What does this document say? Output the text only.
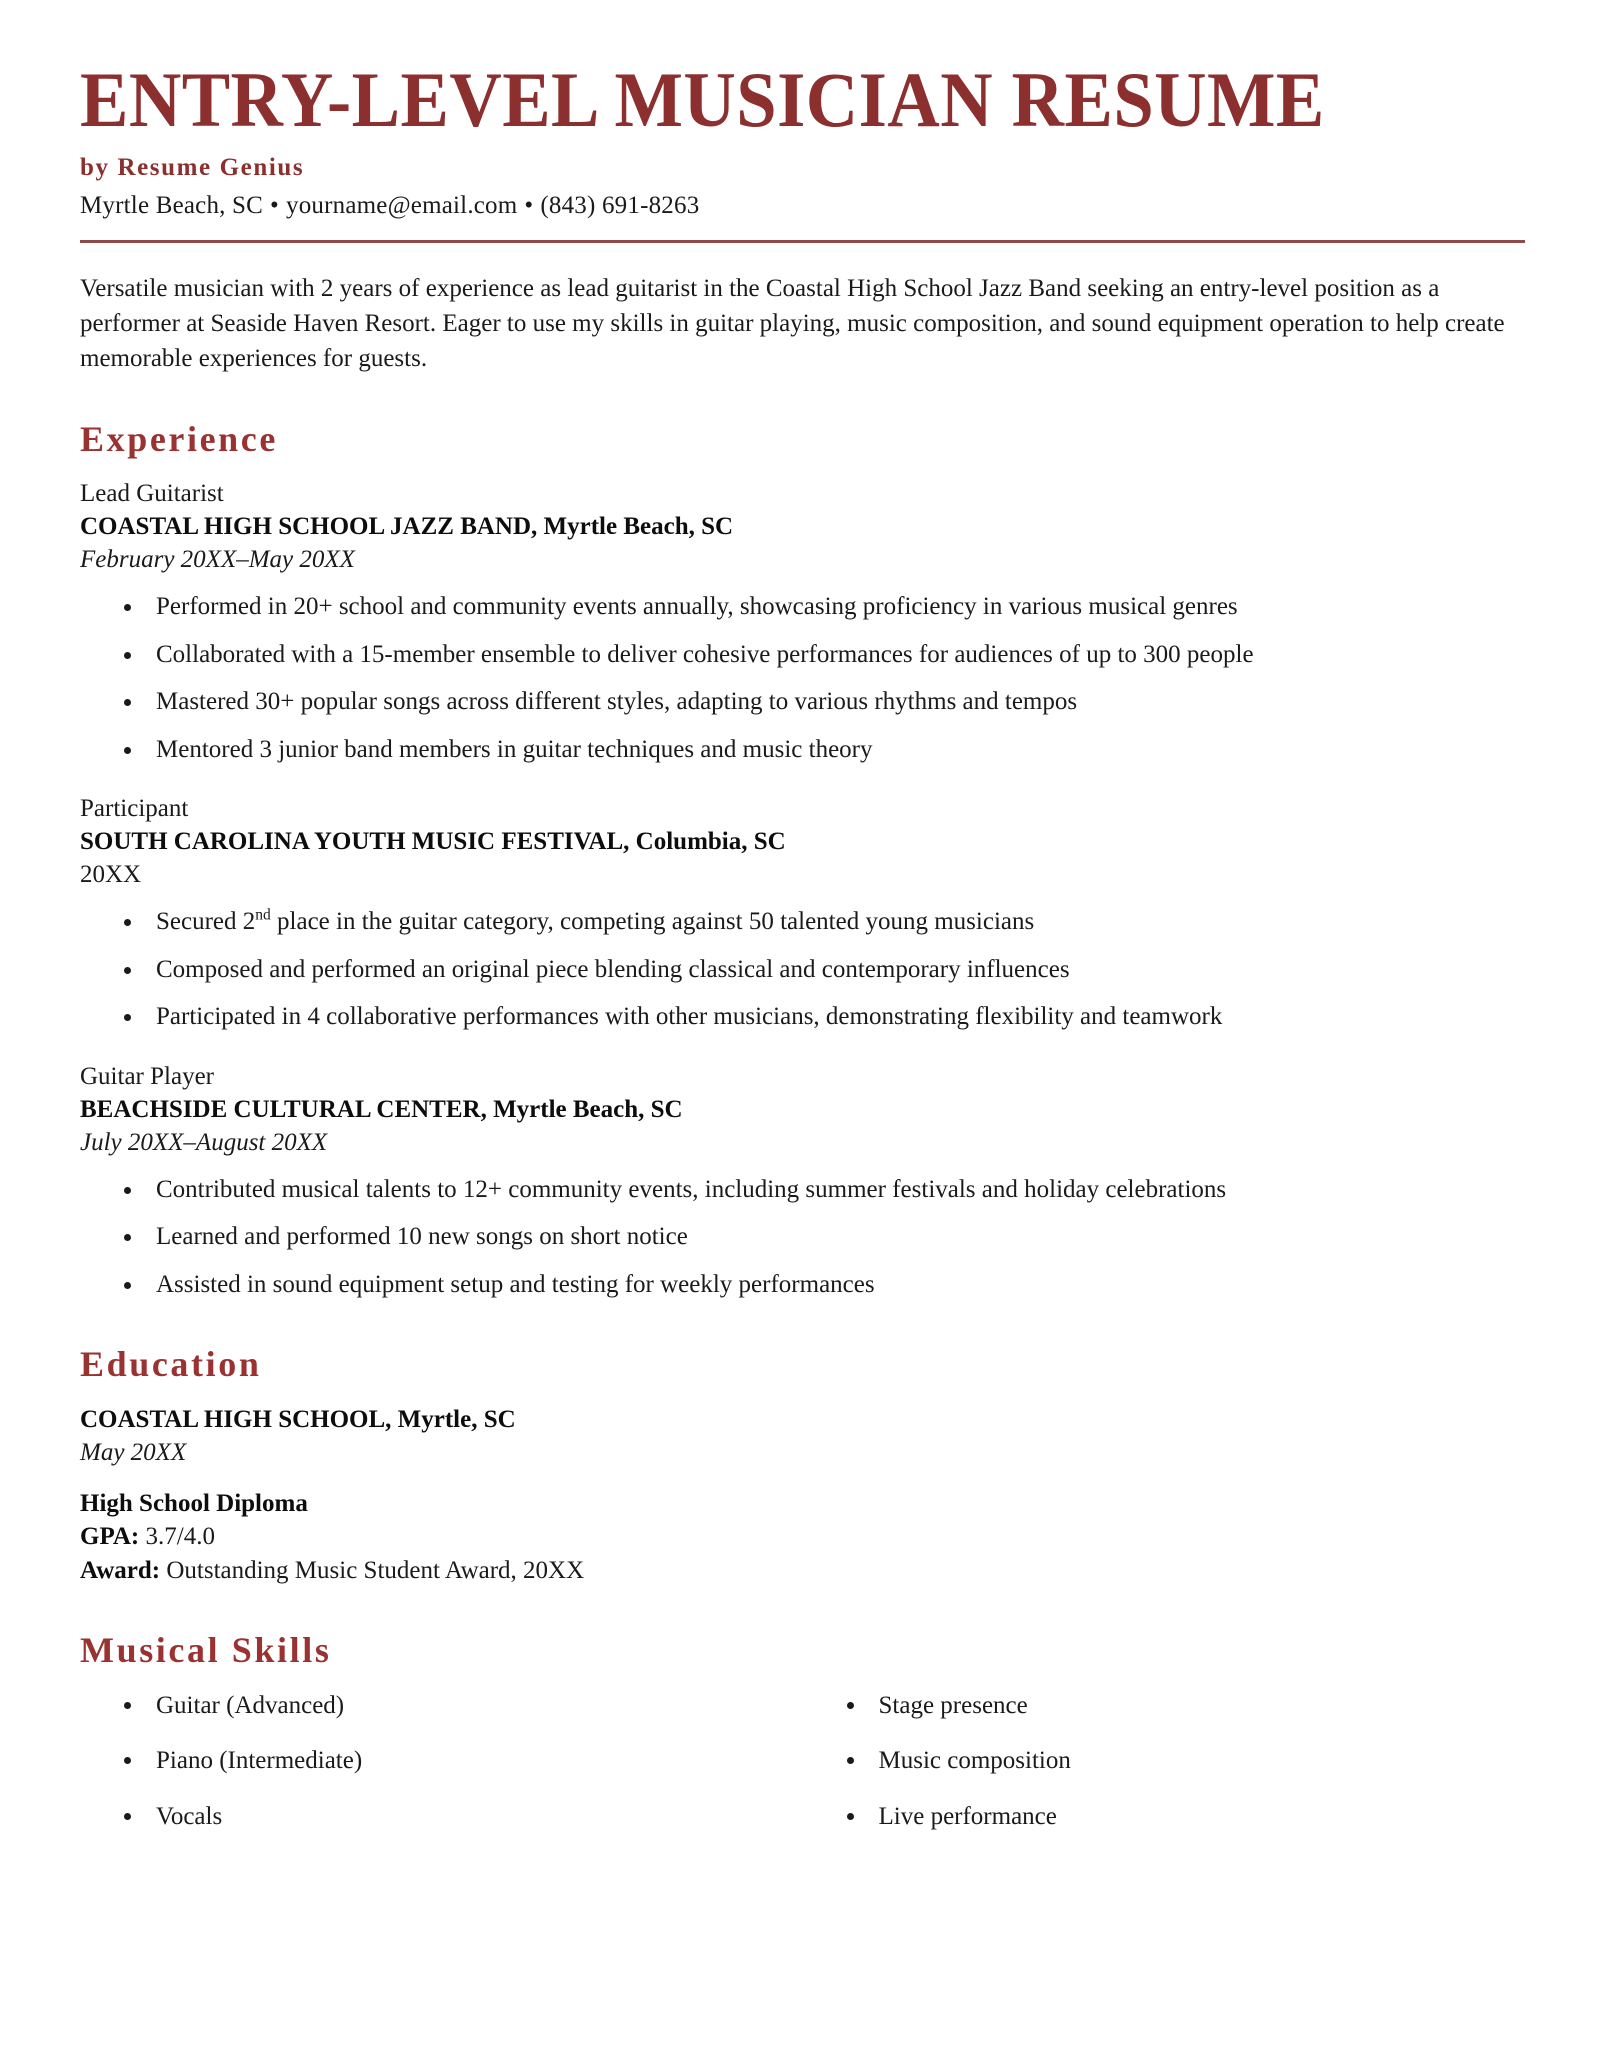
ENTRY-LEVEL MUSICIAN RESUME
by Resume Genius
Myrtle Beach, SC • yourname@email.com • (843) 691-8263

Versatile musician with 2 years of experience as lead guitarist in the Coastal High School Jazz Band seeking an entry-level position as a performer at Seaside Haven Resort. Eager to use my skills in guitar playing, music composition, and sound equipment operation to help create memorable experiences for guests.

Experience
Lead Guitarist
COASTAL HIGH SCHOOL JAZZ BAND, Myrtle Beach, SC
February 20XX–May 20XX
Performed in 20+ school and community events annually, showcasing proficiency in various musical genres
Collaborated with a 15-member ensemble to deliver cohesive performances for audiences of up to 300 people
Mastered 30+ popular songs across different styles, adapting to various rhythms and tempos
Mentored 3 junior band members in guitar techniques and music theory
Participant
SOUTH CAROLINA YOUTH MUSIC FESTIVAL, Columbia, SC
20XX
Secured 2nd place in the guitar category, competing against 50 talented young musicians
Composed and performed an original piece blending classical and contemporary influences
Participated in 4 collaborative performances with other musicians, demonstrating flexibility and teamwork
Guitar Player
BEACHSIDE CULTURAL CENTER, Myrtle Beach, SC
July 20XX–August 20XX
Contributed musical talents to 12+ community events, including summer festivals and holiday celebrations
Learned and performed 10 new songs on short notice
Assisted in sound equipment setup and testing for weekly performances
Education
COASTAL HIGH SCHOOL, Myrtle, SC
May 20XX
High School Diploma
GPA: 3.7/4.0
Award: Outstanding Music Student Award, 20XX
Musical Skills
Guitar (Advanced)
Piano (Intermediate)
Vocals
Stage presence
Music composition
Live performance
